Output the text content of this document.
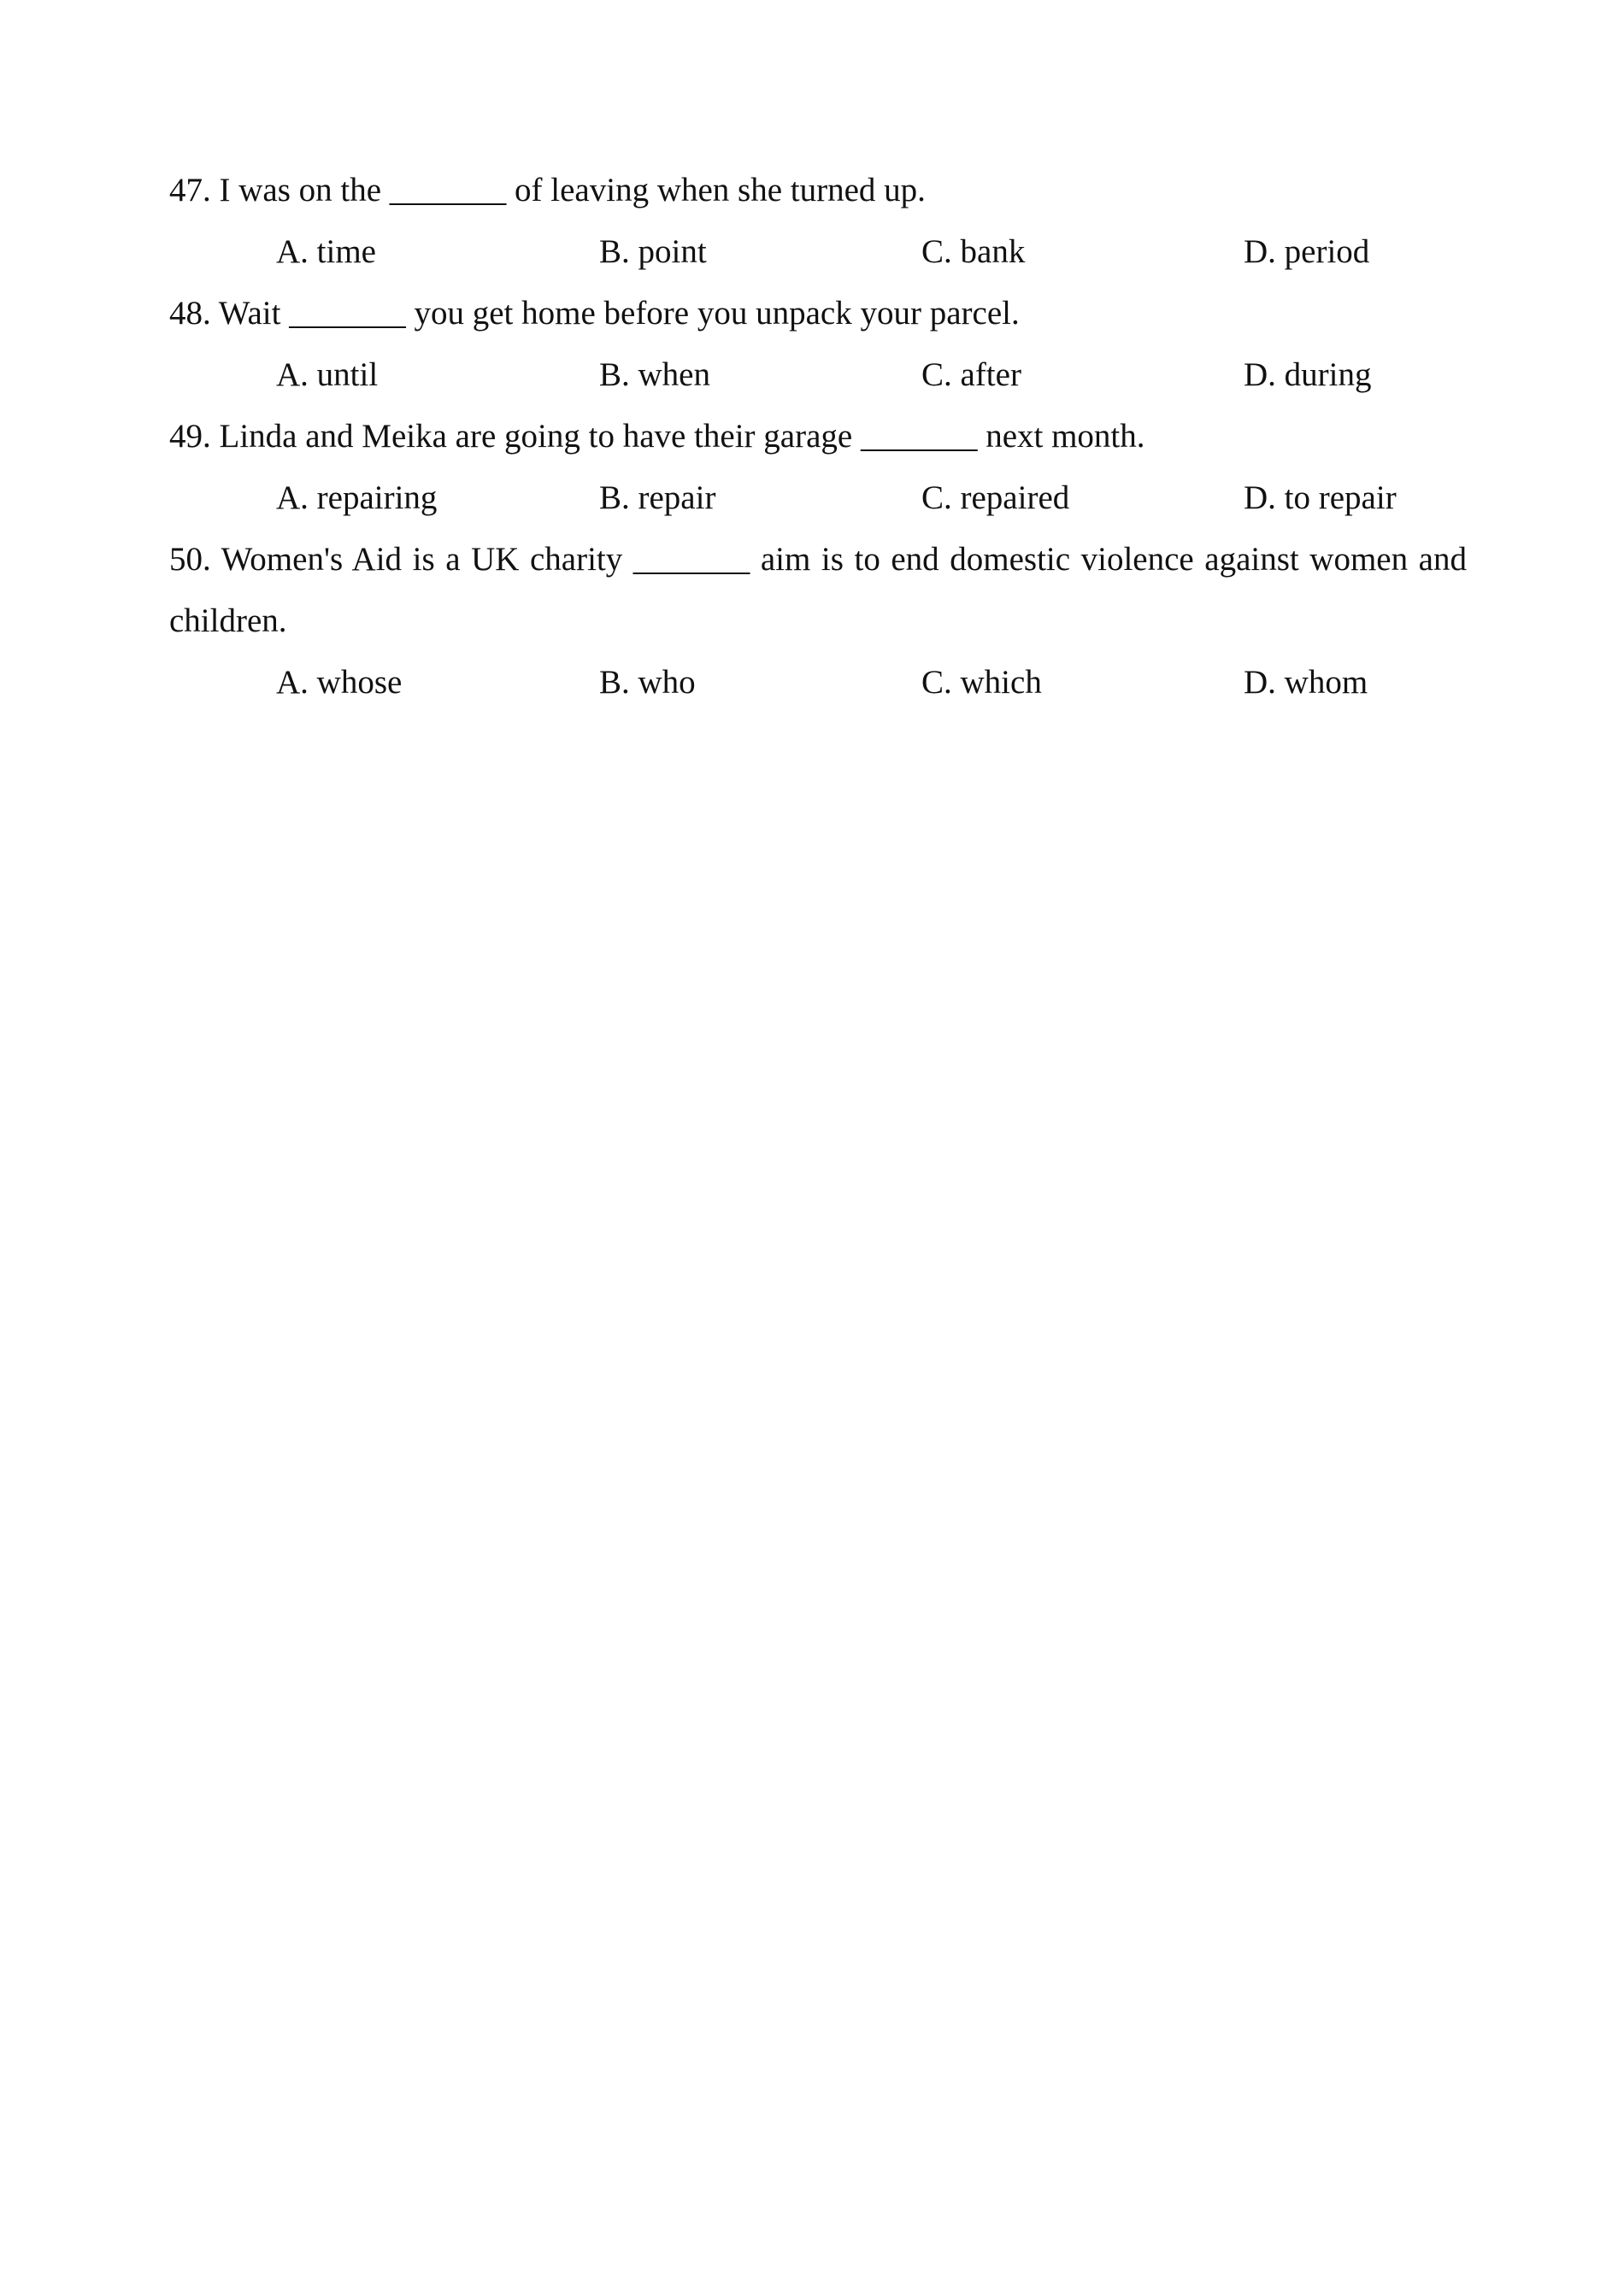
47. I was on the _______ of leaving when she turned up.
A. time	B. point	C. bank	D. period
48. Wait _______ you get home before you unpack your parcel.
A. until	B. when	C. after	D. during
49. Linda and Meika are going to have their garage _______ next month.
A. repairing	B. repair	C. repaired	D. to repair
50. Women's Aid is a UK charity _______ aim is to end domestic violence against women and children.
A. whose	B. who	C. which	D. whom
